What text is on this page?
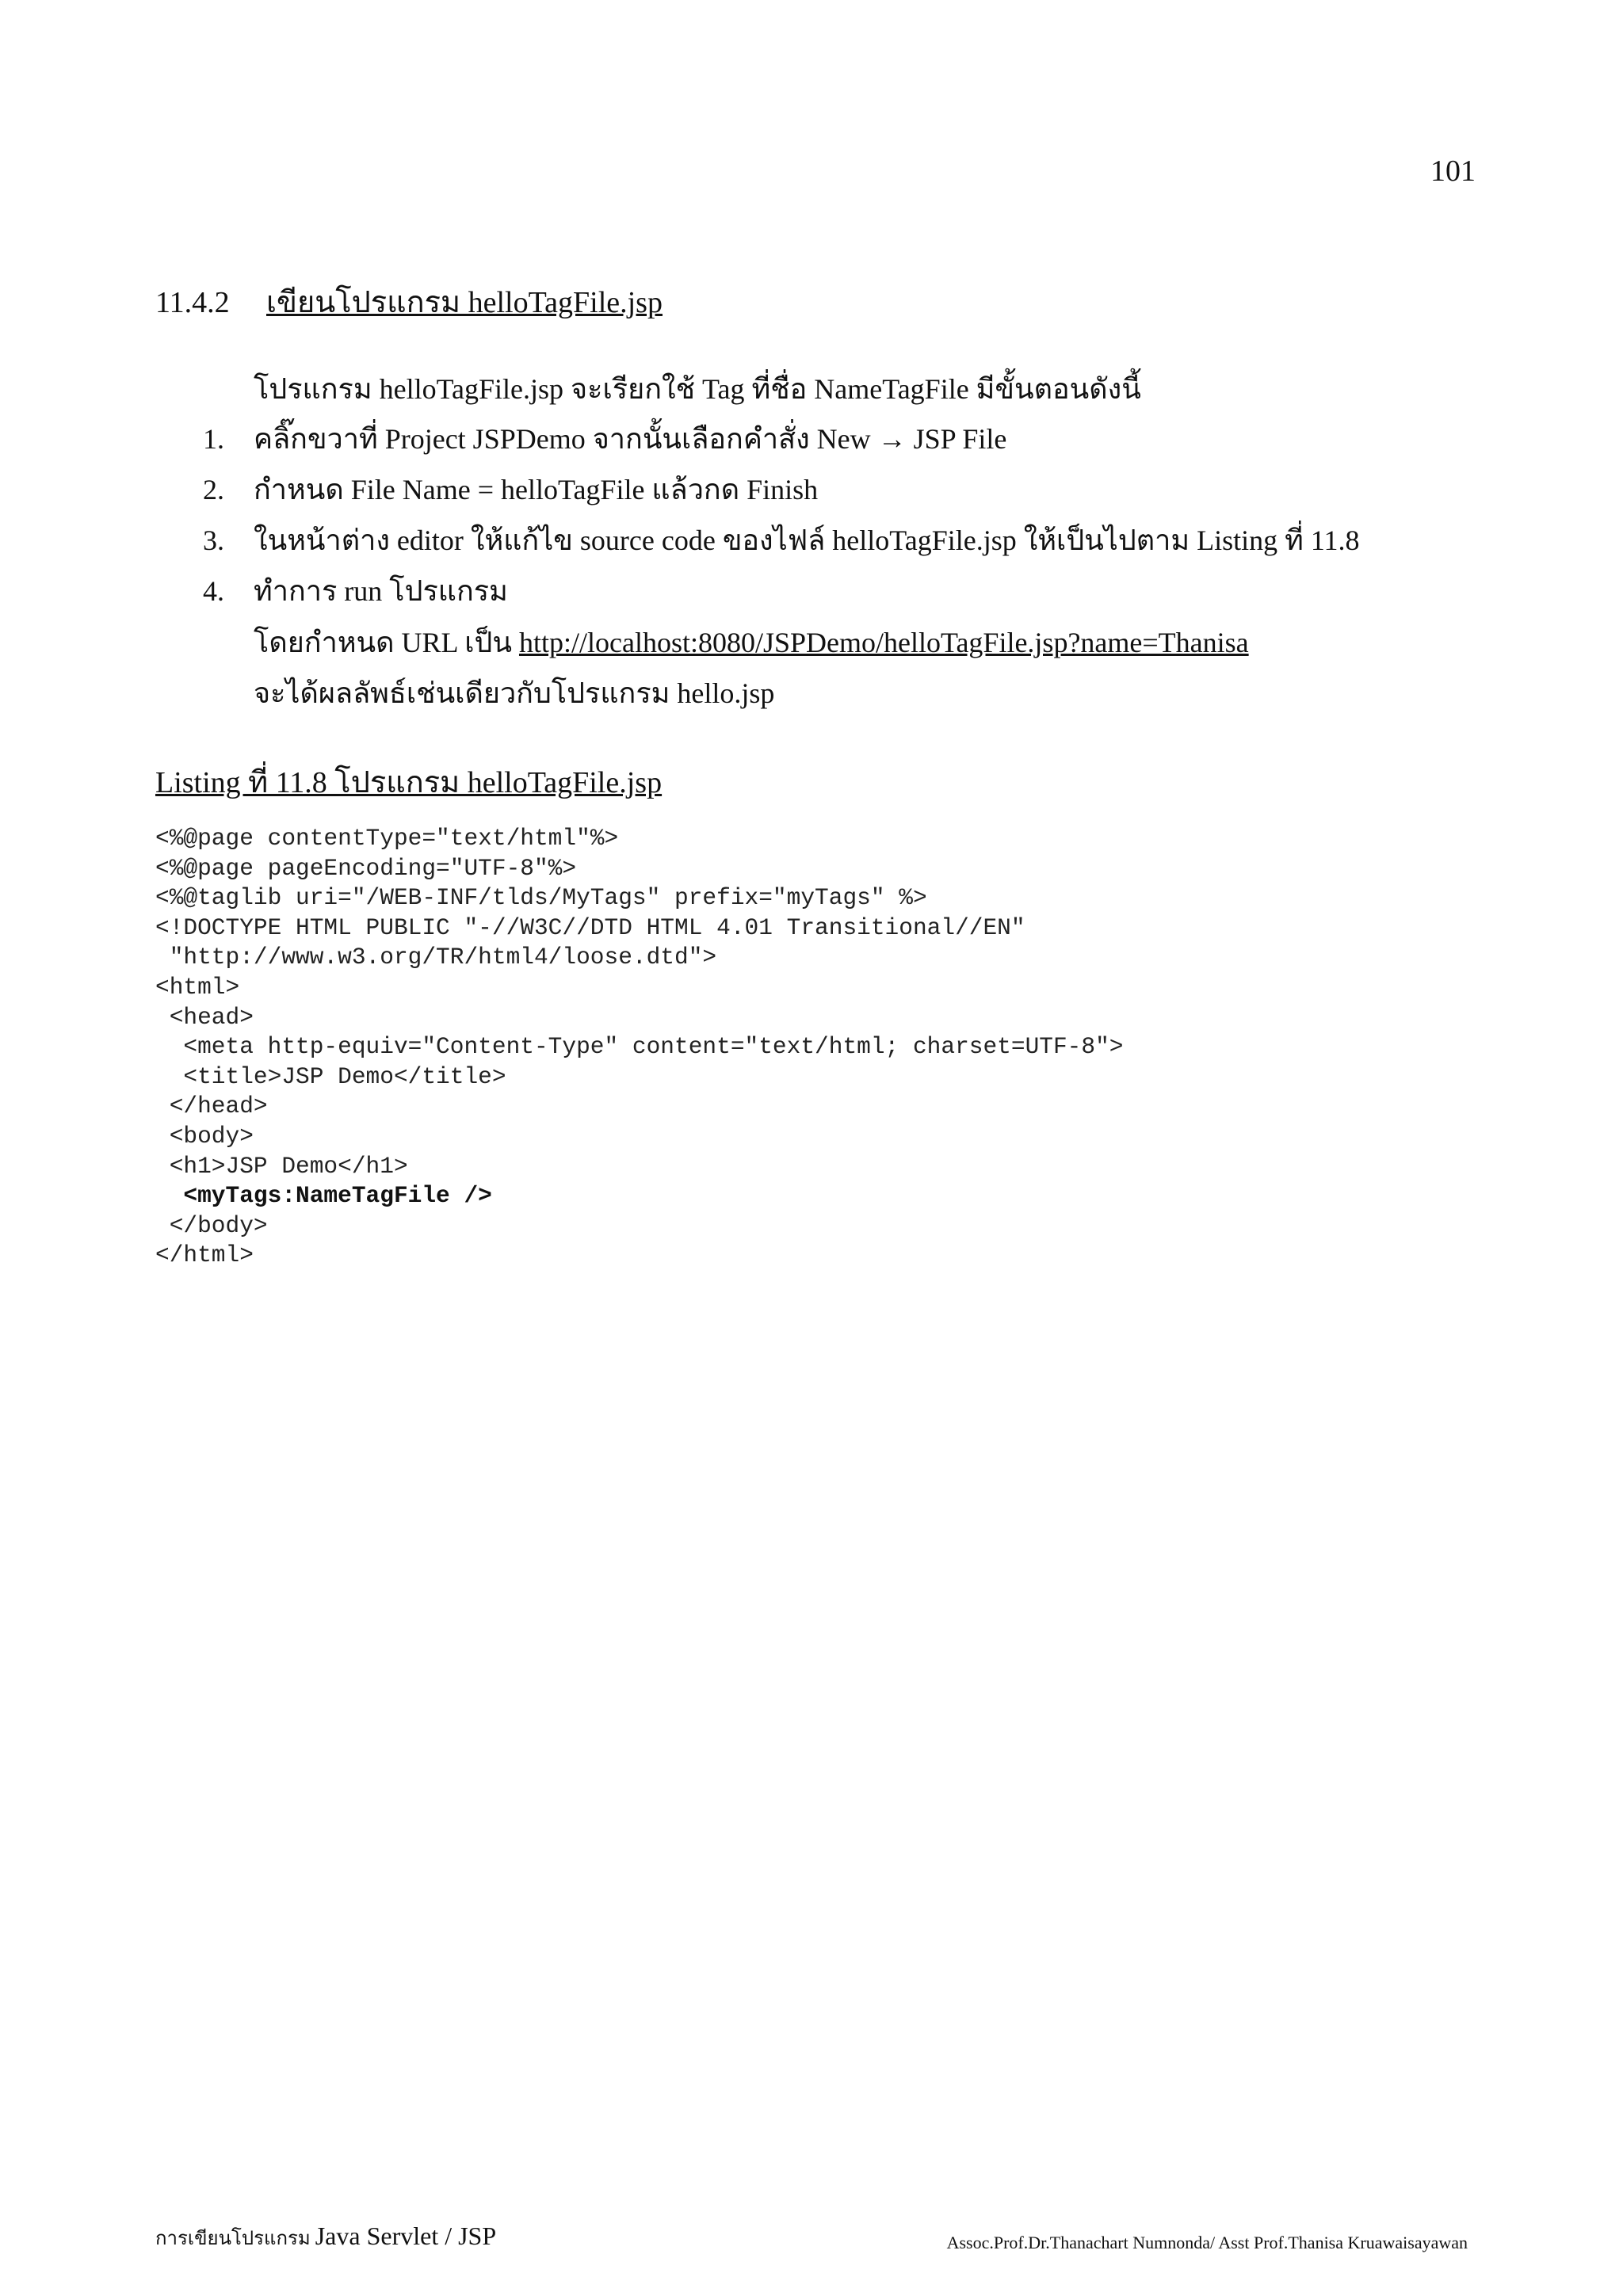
101
11.4.2 เขียนโปรแกรม helloTagFile.jsp
โปรแกรม helloTagFile.jsp จะเรียกใช้ Tag ที่ชื่อ NameTagFile มีขั้นตอนดังนี้
1. คลิ๊กขวาที่ Project JSPDemo จากนั้นเลือกคำสั่ง New → JSP File
2. กำหนด File Name = helloTagFile แล้วกด Finish
3. ในหน้าต่าง editor ให้แก้ไข source code ของไฟล์ helloTagFile.jsp ให้เป็นไปตาม Listing ที่ 11.8
4. ทำการ run โปรแกรม
โดยกำหนด URL เป็น http://localhost:8080/JSPDemo/helloTagFile.jsp?name=Thanisa
จะได้ผลลัพธ์เช่นเดียวกับโปรแกรม hello.jsp
Listing ที่ 11.8 โปรแกรม helloTagFile.jsp
<%@page contentType="text/html"%>
<%@page pageEncoding="UTF-8"%>
<%@taglib uri="/WEB-INF/tlds/MyTags" prefix="myTags" %>
<!DOCTYPE HTML PUBLIC "-//W3C//DTD HTML 4.01 Transitional//EN"
"http://www.w3.org/TR/html4/loose.dtd">
<html>
<head>
<meta http-equiv="Content-Type" content="text/html; charset=UTF-8">
<title>JSP Demo</title>
</head>
<body>
<h1>JSP Demo</h1>
<myTags:NameTagFile />
</body>
</html>
การเขียนโปรแกรม Java Servlet / JSP	Assoc.Prof.Dr.Thanachart Numnonda/ Asst Prof.Thanisa Kruawaisayawan
